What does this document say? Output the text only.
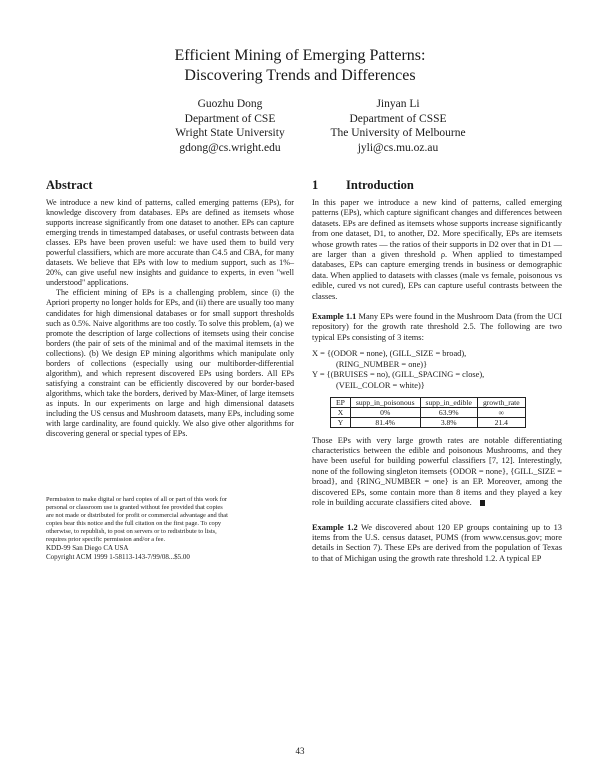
Efficient Mining of Emerging Patterns:
Discovering Trends and Differences
Guozhu Dong
Department of CSE
Wright State University
gdong@cs.wright.edu
Jinyan Li
Department of CSSE
The University of Melbourne
jyli@cs.mu.oz.au
Abstract

We introduce a new kind of patterns, called emerging patterns (EPs), for knowledge discovery from databases. EPs are defined as itemsets whose supports increase significantly from one dataset to another. EPs can capture emerging trends in timestamped databases, or useful contrasts between data classes. EPs have been proven useful: we have used them to build very powerful classifiers, which are more accurate than C4.5 and CBA, for many datasets. We believe that EPs with low to medium support, such as 1%–20%, can give useful new insights and guidance to experts, in even "well understood" applications.

The efficient mining of EPs is a challenging problem, since (i) the Apriori property no longer holds for EPs, and (ii) there are usually too many candidates for high dimensional databases or for small support thresholds such as 0.5%. Naive algorithms are too costly. To solve this problem, (a) we promote the description of large collections of itemsets using their concise borders (the pair of sets of the minimal and of the maximal itemsets in the collections). (b) We design EP mining algorithms which manipulate only borders of collections (especially using our multiborder-differential algorithm), and which represent discovered EPs using borders. All EPs satisfying a constraint can be efficiently discovered by our border-based algorithms, which take the borders, derived by Max-Miner, of large itemsets as inputs. In our experiments on large and high dimensional datasets including the US census and Mushroom datasets, many EPs, including some with large cardinality, are found quickly. We also give other algorithms for discovering general or special types of EPs.

Permission to make digital or hard copies of all or part of this work for
personal or classroom use is granted without fee provided that copies
are not made or distributed for profit or commercial advantage and that
copies bear this notice and the full citation on the first page. To copy
otherwise, to republish, to post on servers or to redistribute to lists,
requires prior specific permission and/or a fee.
KDD-99 San Diego CA USA
Copyright ACM 1999 1-58113-143-7/99/08...$5.00
1 Introduction

In this paper we introduce a new kind of patterns, called emerging patterns (EPs), which capture significant changes and differences between datasets. EPs are defined as itemsets whose supports increase significantly from one dataset, D1, to another, D2. More specifically, EPs are itemsets whose growth rates — the ratios of their supports in D2 over that in D1 — are larger than a given threshold ρ. When applied to timestamped databases, EPs can capture emerging trends in business or demographic data. When applied to datasets with classes (male vs female, poisonous vs edible, cured vs not cured), EPs can capture useful contrasts between the classes.

Example 1.1 Many EPs were found in the Mushroom Data (from the UCI repository) for the growth rate threshold 2.5. The following are two typical EPs consisting of 3 items:

X = {(ODOR = none), (GILL_SIZE = broad),
(RING_NUMBER = one)}
Y = {(BRUISES = no), (GILL_SPACING = close),
(VEIL_COLOR = white)}
EP	supp_in_poisonous	supp_in_edible	growth_rate
X	0%	63.9%	∞
Y	81.4%	3.8%	21.4

Those EPs with very large growth rates are notable differentiating characteristics between the edible and poisonous Mushrooms, and they have been useful for building powerful classifiers [7, 12]. Interestingly, none of the following singleton itemsets {ODOR = none}, {GILL_SIZE = broad}, and {RING_NUMBER = one} is an EP. Moreover, among the discovered EPs, some contain more than 8 items and they played a key role in building accurate classifiers cited above.

Example 1.2 We discovered about 120 EP groups containing up to 13 items from the U.S. census dataset, PUMS (from www.census.gov; more details in Section 7). These EPs are derived from the population of Texas to that of Michigan using the growth rate threshold 1.2. A typical EP

43
